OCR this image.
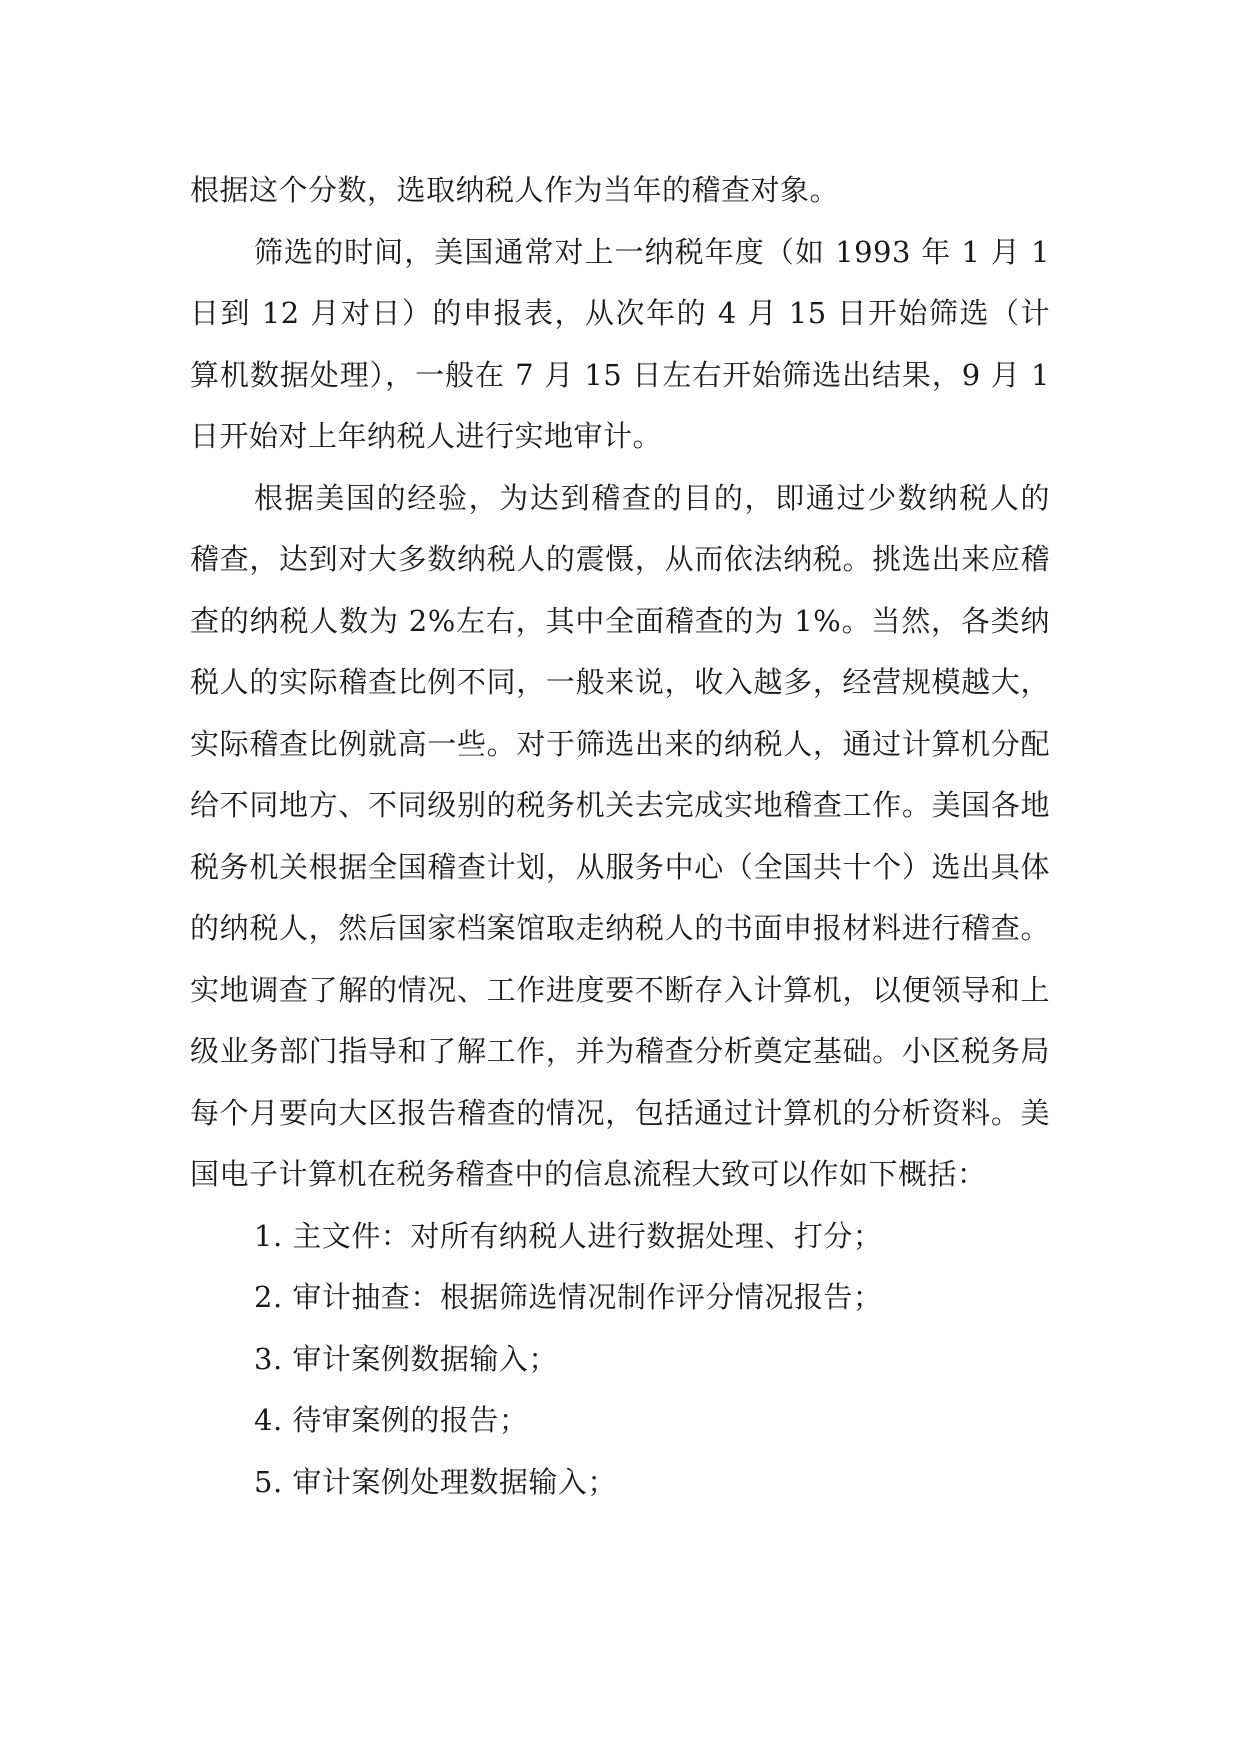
根据这个分数，选取纳税人作为当年的稽查对象。

筛选的时间，美国通常对上一纳税年度（如 1993 年 1 月 1 日到 12 月对日）的申报表，从次年的 4 月 15 日开始筛选（计算机数据处理），一般在 7 月 15 日左右开始筛选出结果，9 月 1 日开始对上年纳税人进行实地审计。

根据美国的经验，为达到稽查的目的，即通过少数纳税人的稽查，达到对大多数纳税人的震慑，从而依法纳税。挑选出来应稽查的纳税人数为 2%左右，其中全面稽查的为 1%。当然，各类纳税人的实际稽查比例不同，一般来说，收入越多，经营规模越大，实际稽查比例就高一些。对于筛选出来的纳税人，通过计算机分配给不同地方、不同级别的税务机关去完成实地稽查工作。美国各地税务机关根据全国稽查计划，从服务中心（全国共十个）选出具体的纳税人，然后国家档案馆取走纳税人的书面申报材料进行稽查。实地调查了解的情况、工作进度要不断存入计算机，以便领导和上级业务部门指导和了解工作，并为稽查分析奠定基础。小区税务局每个月要向大区报告稽查的情况，包括通过计算机的分析资料。美国电子计算机在税务稽查中的信息流程大致可以作如下概括：

1. 主文件：对所有纳税人进行数据处理、打分；

2. 审计抽查：根据筛选情况制作评分情况报告；

3. 审计案例数据输入；

4. 待审案例的报告；

5. 审计案例处理数据输入；
